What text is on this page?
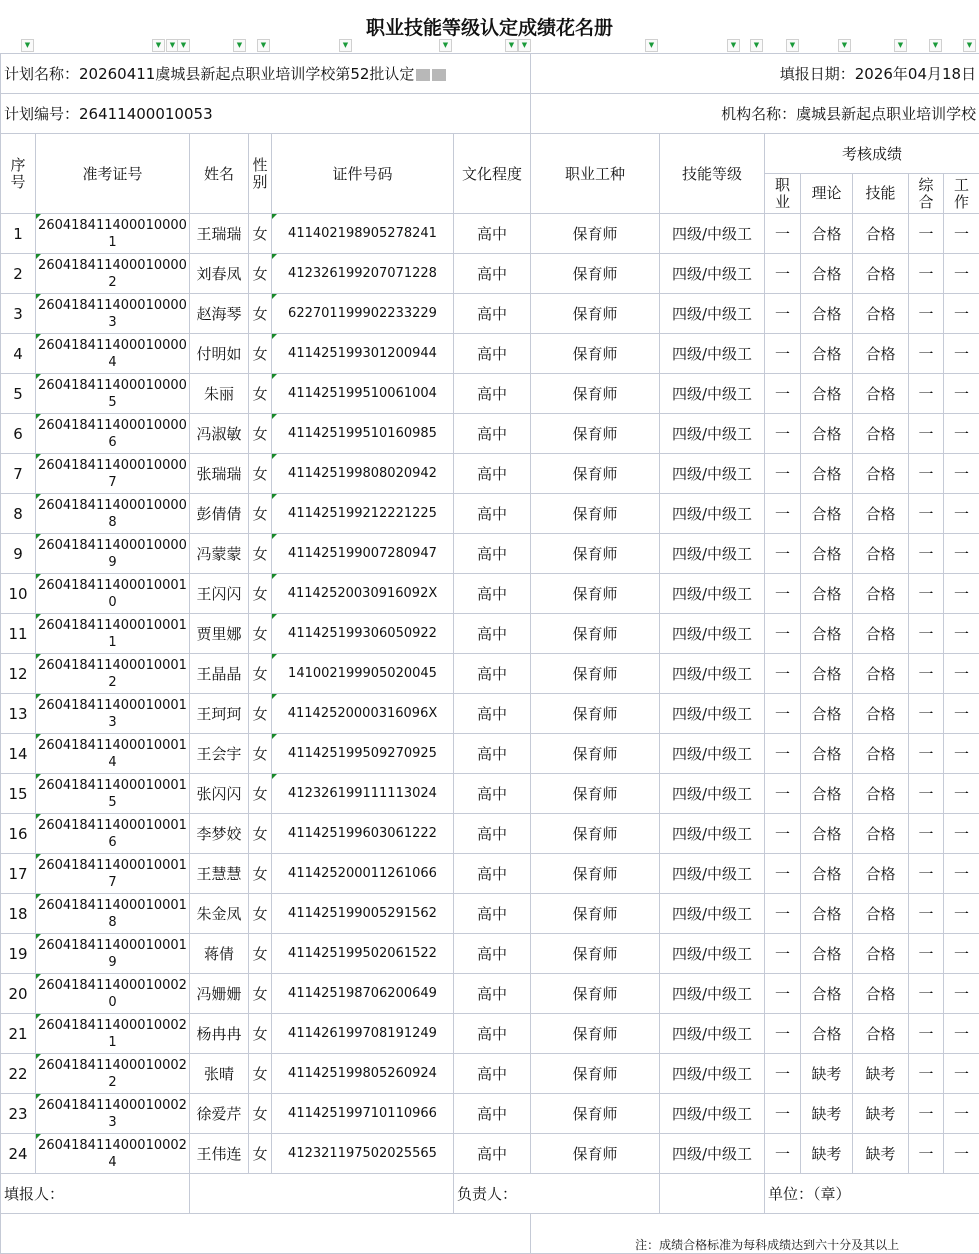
职业技能等级认定成绩花名册
▼	▼	▼ ▼	▼	▼	▼	▼	▼	▼	▼	▼	▼	▼	▼	▼	▼	▼
计划名称：20260411虞城县新起点职业培训学校第52批认定						填报日期：2026年04月18日						
计划编号：26411400010053						机构名称：虞城县新起点职业培训学校						
序号	准考证号	姓名	性别	证件号码	文化程度	职业工种	技能等级	考核成绩				
								职业	理论	技能	综合	工作
1	2604184114000100001	王瑞瑞	女	411402198905278241	高中	保育师	四级/中级工	一	合格	合格	一	一
2	2604184114000100002	刘春凤	女	412326199207071228	高中	保育师	四级/中级工	一	合格	合格	一	一
3	2604184114000100003	赵海琴	女	622701199902233229	高中	保育师	四级/中级工	一	合格	合格	一	一
4	2604184114000100004	付明如	女	411425199301200944	高中	保育师	四级/中级工	一	合格	合格	一	一
5	2604184114000100005	朱丽	女	411425199510061004	高中	保育师	四级/中级工	一	合格	合格	一	一
6	2604184114000100006	冯淑敏	女	411425199510160985	高中	保育师	四级/中级工	一	合格	合格	一	一
7	2604184114000100007	张瑞瑞	女	411425199808020942	高中	保育师	四级/中级工	一	合格	合格	一	一
8	2604184114000100008	彭倩倩	女	411425199212221225	高中	保育师	四级/中级工	一	合格	合格	一	一
9	2604184114000100009	冯蒙蒙	女	411425199007280947	高中	保育师	四级/中级工	一	合格	合格	一	一
10	2604184114000100010	王闪闪	女	41142520030916092X	高中	保育师	四级/中级工	一	合格	合格	一	一
11	2604184114000100011	贾里娜	女	411425199306050922	高中	保育师	四级/中级工	一	合格	合格	一	一
12	2604184114000100012	王晶晶	女	141002199905020045	高中	保育师	四级/中级工	一	合格	合格	一	一
13	2604184114000100013	王珂珂	女	41142520000316096X	高中	保育师	四级/中级工	一	合格	合格	一	一
14	2604184114000100014	王会宇	女	411425199509270925	高中	保育师	四级/中级工	一	合格	合格	一	一
15	2604184114000100015	张闪闪	女	412326199111113024	高中	保育师	四级/中级工	一	合格	合格	一	一
16	2604184114000100016	李梦姣	女	411425199603061222	高中	保育师	四级/中级工	一	合格	合格	一	一
17	2604184114000100017	王慧慧	女	411425200011261066	高中	保育师	四级/中级工	一	合格	合格	一	一
18	2604184114000100018	朱金凤	女	411425199005291562	高中	保育师	四级/中级工	一	合格	合格	一	一
19	2604184114000100019	蒋倩	女	411425199502061522	高中	保育师	四级/中级工	一	合格	合格	一	一
20	2604184114000100020	冯姗姗	女	411425198706200649	高中	保育师	四级/中级工	一	合格	合格	一	一
21	2604184114000100021	杨冉冉	女	411426199708191249	高中	保育师	四级/中级工	一	合格	合格	一	一
22	2604184114000100022	张晴	女	411425199805260924	高中	保育师	四级/中级工	一	缺考	缺考	一	一
23	2604184114000100023	徐爱芹	女	411425199710110966	高中	保育师	四级/中级工	一	缺考	缺考	一	一
24	2604184114000100024	王伟连	女	412321197502025565	高中	保育师	四级/中级工	一	缺考	缺考	一	一
填报人：					负责人：			单位：（章）				
						注：成绩合格标准为每科成绩达到六十分及其以上						
